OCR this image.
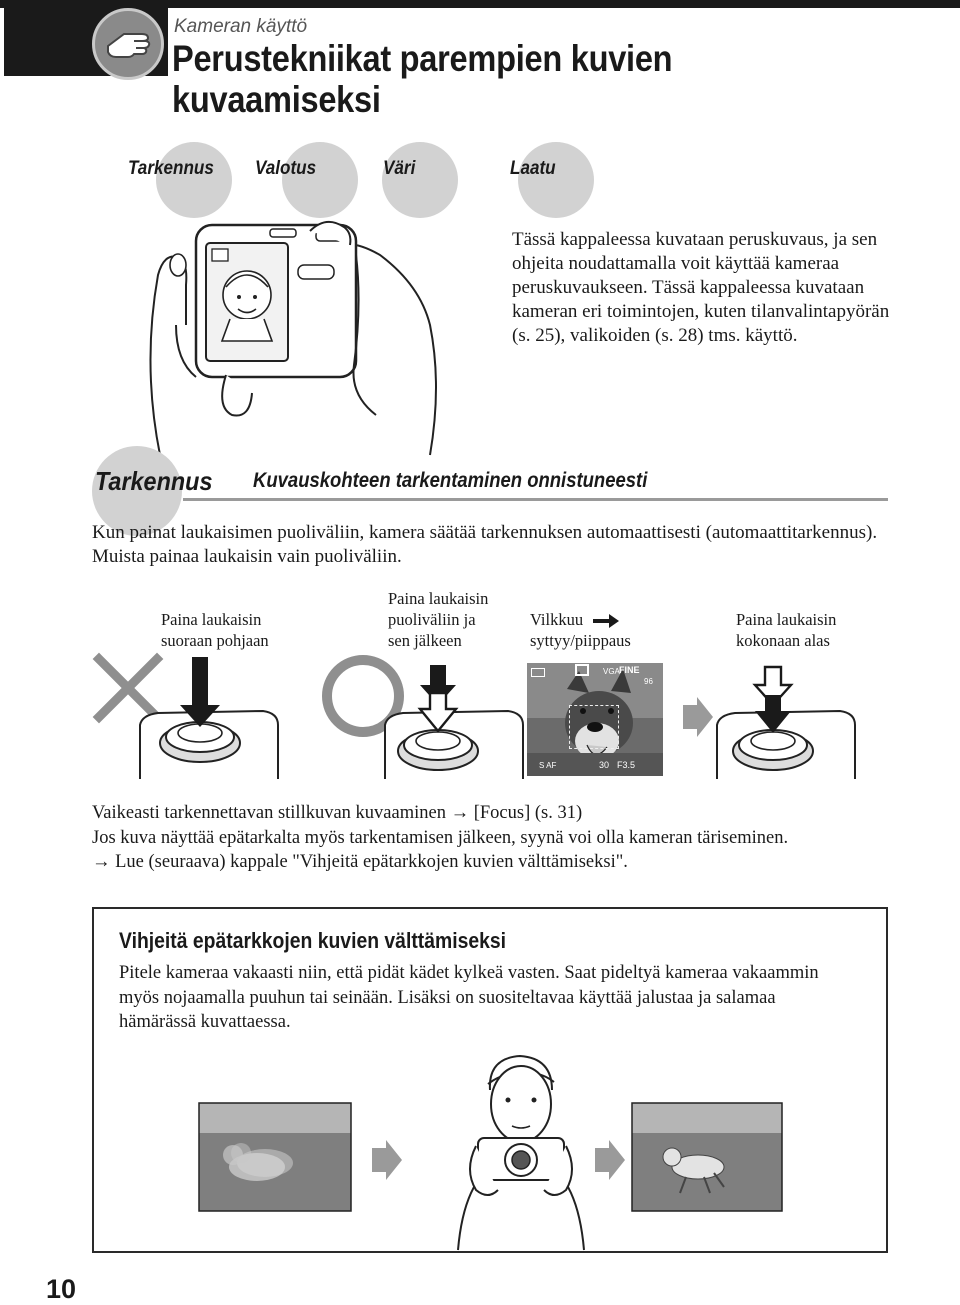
Kameran käyttö
Perustekniikat parempien kuvien
kuvaamiseksi
Tarkennus Valotus	Väri	Laatu
Tässä kappaleessa kuvataan peruskuvaus, ja sen ohjeita noudattamalla voit käyttää kameraa peruskuvaukseen. Tässä kappaleessa kuvataan kameran eri toimintojen, kuten tilanvalintapyörän (s. 25), valikoiden (s. 28) tms. käyttö.
Tarkennus Kuvauskohteen tarkentaminen onnistuneesti
Kun painat laukaisimen puoliväliin, kamera säätää tarkennuksen automaattisesti (automaattitarkennus). Muista painaa laukaisin vain puoliväliin.
Paina laukaisin
suoraan pohjaan
Paina laukaisin
puoliväliin ja
sen jälkeen
Vilkkuu
syttyy/piippaus
Paina laukaisin
kokonaan alas
VGA FINE
96
S AF	30 F3.5
Vaikeasti tarkennettavan stillkuvan kuvaaminen → [Focus] (s. 31)
Jos kuva näyttää epätarkalta myös tarkentamisen jälkeen, syynä voi olla kameran täriseminen.
→ Lue (seuraava) kappale "Vihjeitä epätarkkojen kuvien välttämiseksi".
Vihjeitä epätarkkojen kuvien välttämiseksi
Pitele kameraa vakaasti niin, että pidät kädet kylkeä vasten. Saat pideltyä kameraa vakaammin myös nojaamalla puuhun tai seinään. Lisäksi on suositeltavaa käyttää jalustaa ja salamaa hämärässä kuvattaessa.
10
